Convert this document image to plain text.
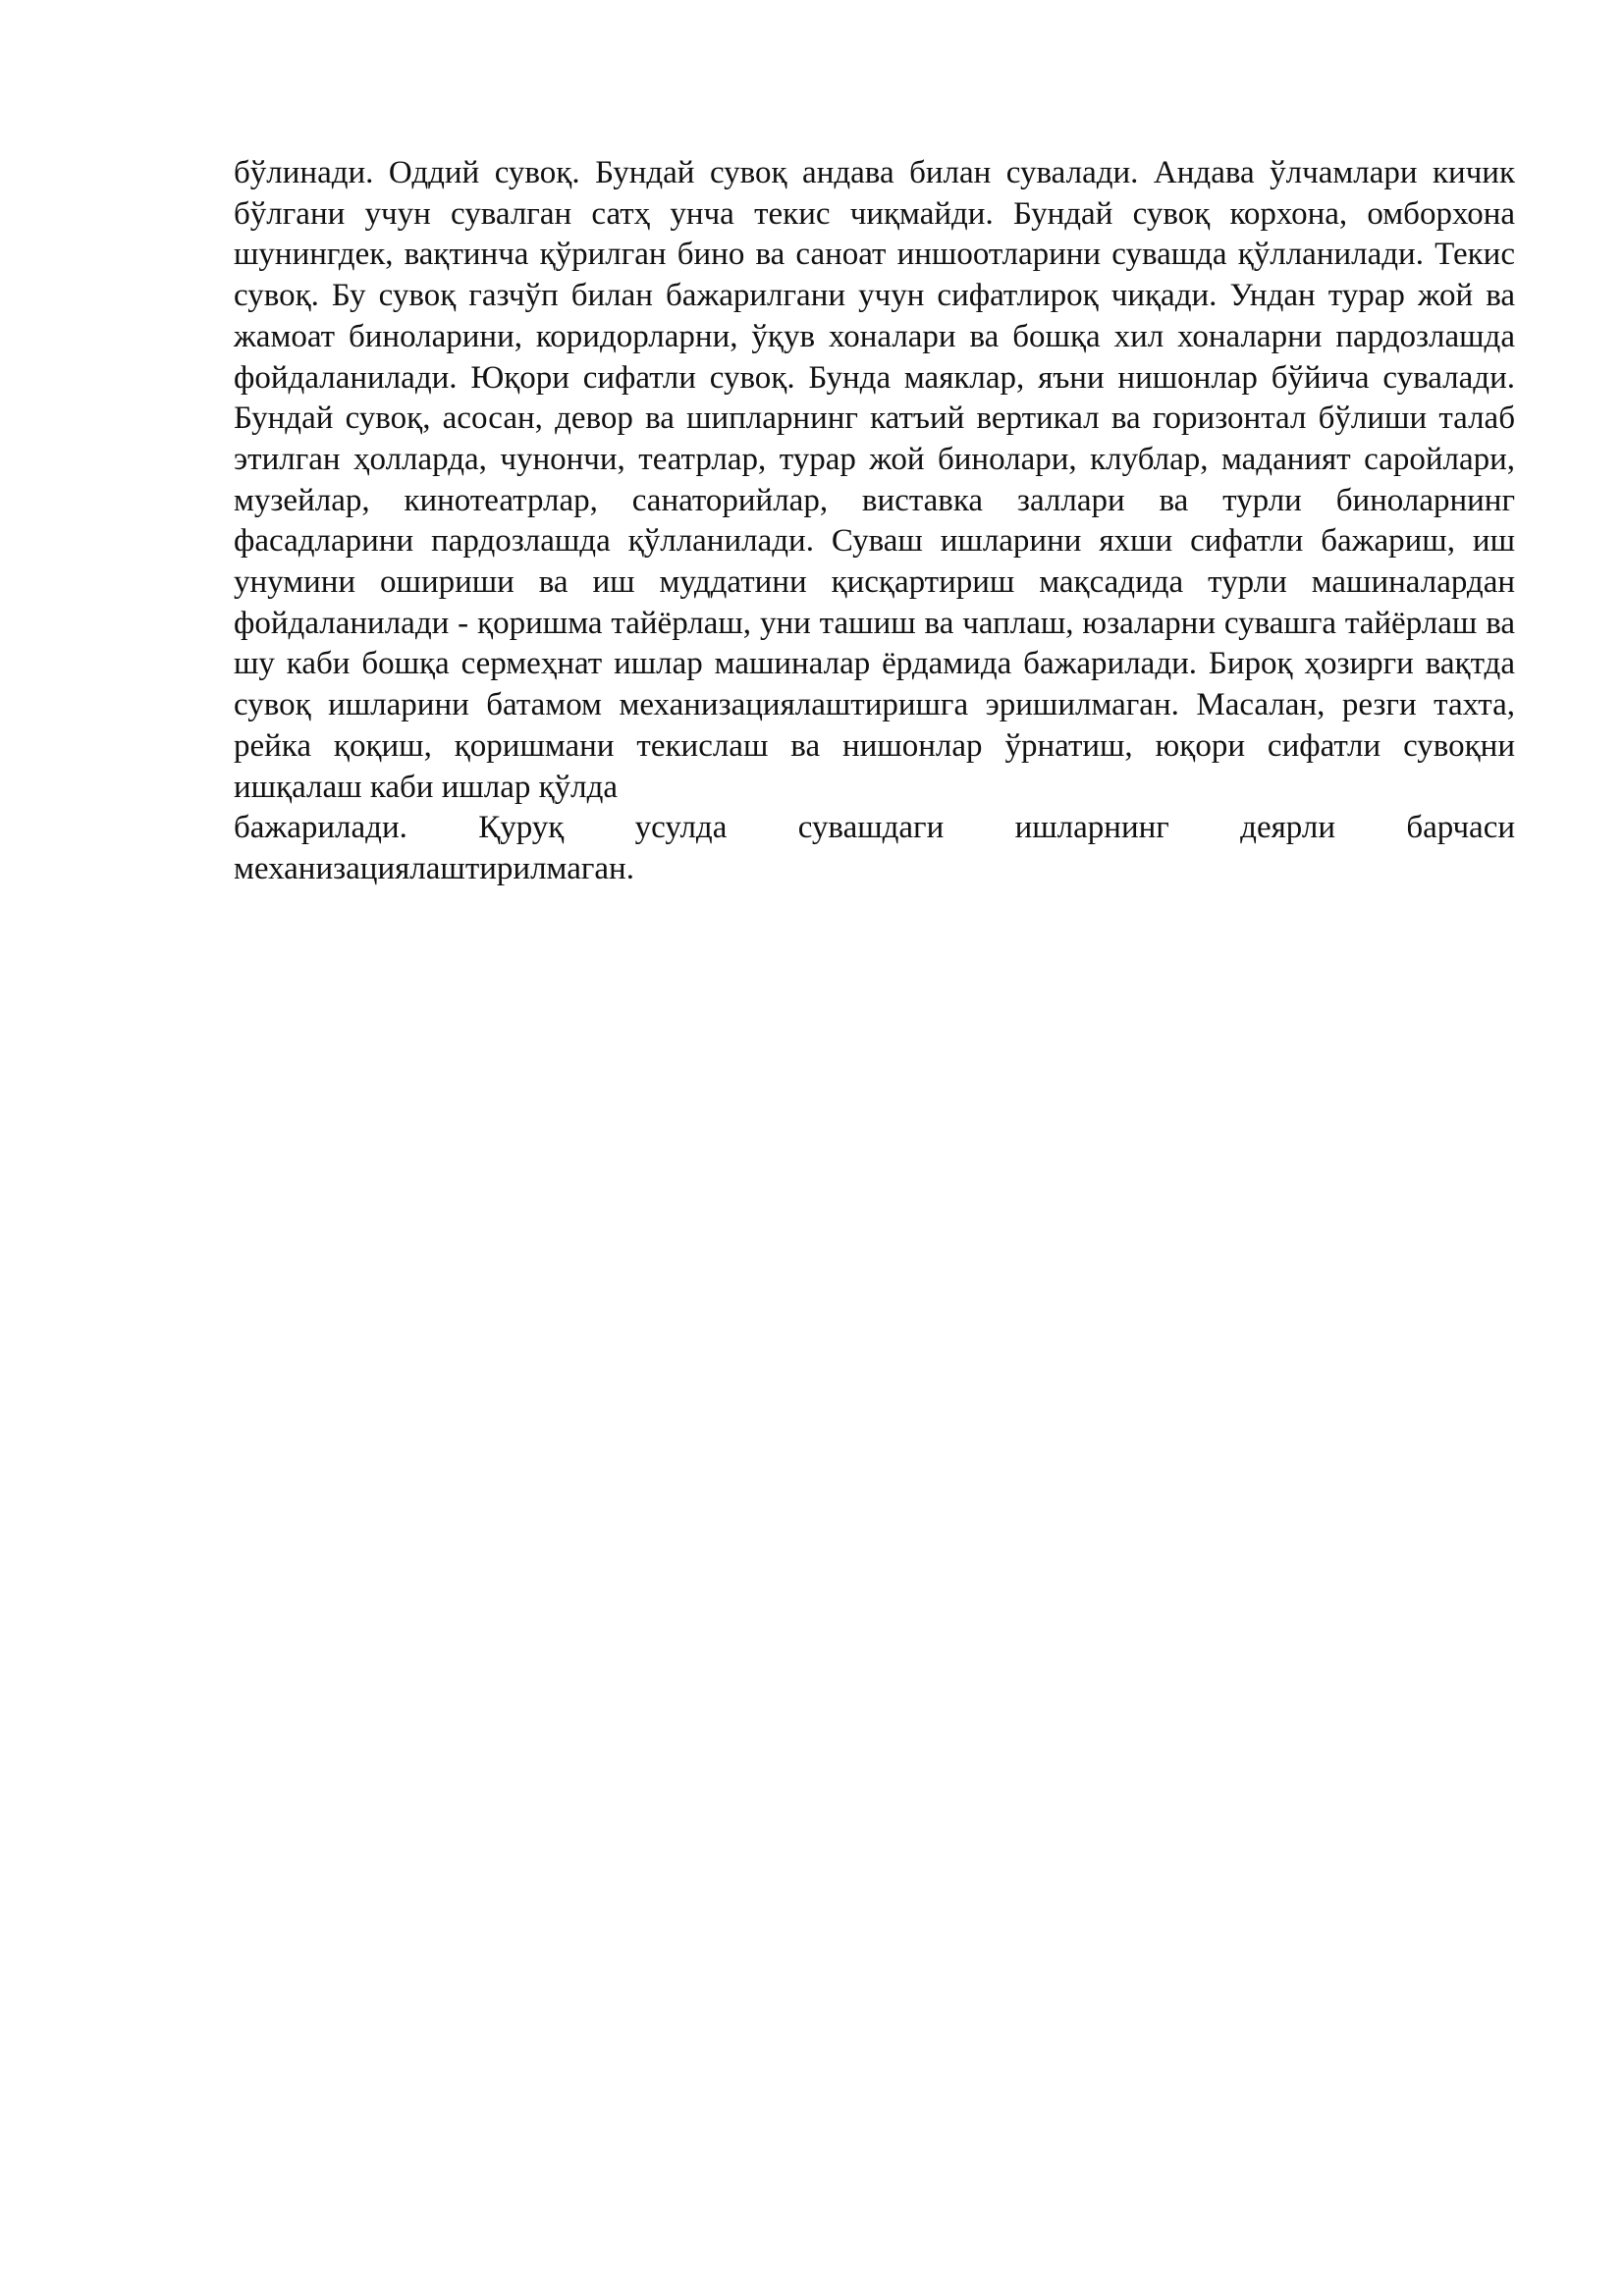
бўлинади. Оддий сувоқ. Бундай сувоқ андава билан сувалади. Андава ўлчамлари кичик бўлгани учун сувалган сатҳ унча текис чиқмайди. Бундай сувоқ корхона, омборхона шунингдек, вақтинча қўрилган бино ва саноат иншоотларини сувашда қўлланилади. Текис сувоқ. Бу сувоқ газчўп билан бажарилгани учун сифатлироқ чиқади. Ундан турар жой ва жамоат биноларини, коридорларни, ўқув хоналари ва бошқа хил хоналарни пардозлашда фойдаланилади. Юқори сифатли сувоқ. Бунда маяклар, яъни нишонлар бўйича сувалади. Бундай сувоқ, асосан, девор ва шипларнинг катъий вертикал ва горизонтал бўлиши талаб этилган ҳолларда, чунончи, театрлар, турар жой бинолари, клублар, маданият саройлари, музейлар, кинотеатрлар, санаторийлар, виставка заллари ва турли биноларнинг фасадларини пардозлашда қўлланилади. Суваш ишларини яхши сифатли бажариш, иш унумини ошириши ва иш муддатини қисқартириш мақсадида турли машиналардан фойдаланилади - қоришма тайёрлаш, уни ташиш ва чаплаш, юзаларни сувашга тайёрлаш ва шу каби бошқа сермеҳнат ишлар машиналар ёрдамида бажарилади. Бироқ ҳозирги вақтда сувоқ ишларини батамом механизациялаштиришга эришилмаган. Масалан, резги тахта, рейка қоқиш, қоришмани текислаш ва нишонлар ўрнатиш, юқори сифатли сувоқни ишқалаш каби ишлар қўлда

бажарилади. Қуруқ усулда сувашдаги ишларнинг деярли барчаси

механизациялаштирилмаган.
